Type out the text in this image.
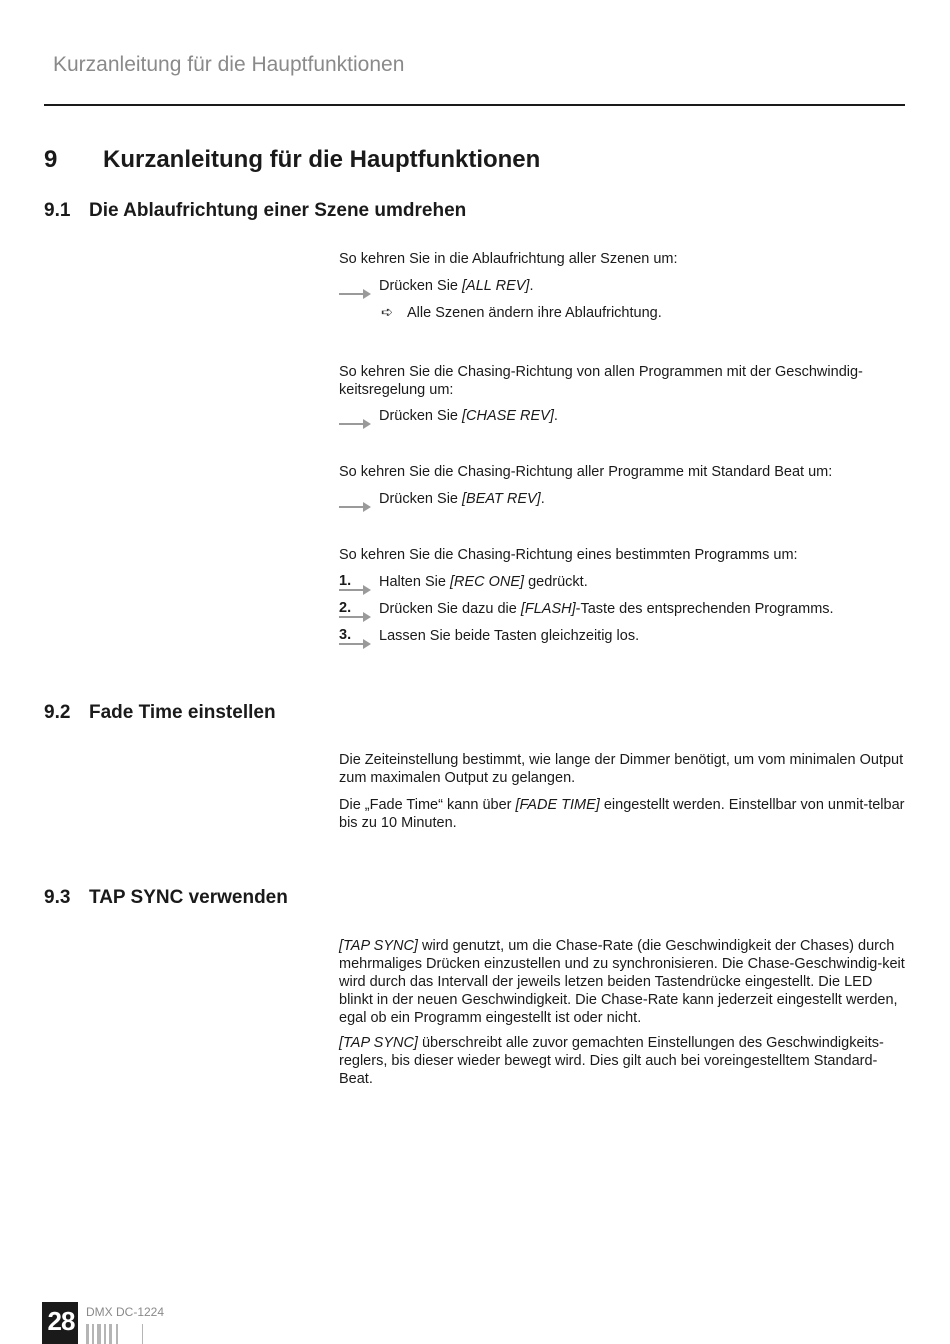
Kurzanleitung für die Hauptfunktionen
9 Kurzanleitung für die Hauptfunktionen
9.1 Die Ablaufrichtung einer Szene umdrehen
So kehren Sie in die Ablaufrichtung aller Szenen um:
Drücken Sie [ALL REV].
➪ Alle Szenen ändern ihre Ablaufrichtung.
So kehren Sie die Chasing-Richtung von allen Programmen mit der Geschwindig-keitsregelung um:
Drücken Sie [CHASE REV].
So kehren Sie die Chasing-Richtung aller Programme mit Standard Beat um:
Drücken Sie [BEAT REV].
So kehren Sie die Chasing-Richtung eines bestimmten Programms um:
1. Halten Sie [REC ONE] gedrückt.
2. Drücken Sie dazu die [FLASH]-Taste des entsprechenden Programms.
3. Lassen Sie beide Tasten gleichzeitig los.
9.2 Fade Time einstellen
Die Zeiteinstellung bestimmt, wie lange der Dimmer benötigt, um vom minimalen Output zum maximalen Output zu gelangen.
Die „Fade Time“ kann über [FADE TIME] eingestellt werden. Einstellbar von unmit-telbar bis zu 10 Minuten.
9.3 TAP SYNC verwenden
[TAP SYNC] wird genutzt, um die Chase-Rate (die Geschwindigkeit der Chases) durch mehrmaliges Drücken einzustellen und zu synchronisieren. Die Chase-Geschwindig-keit wird durch das Intervall der jeweils letzen beiden Tastendrücke eingestellt. Die LED blinkt in der neuen Geschwindigkeit. Die Chase-Rate kann jederzeit eingestellt werden, egal ob ein Programm eingestellt ist oder nicht.
[TAP SYNC] überschreibt alle zuvor gemachten Einstellungen des Geschwindigkeits-reglers, bis dieser wieder bewegt wird. Dies gilt auch bei voreingestelltem Standard-Beat.
28 DMX DC-1224
